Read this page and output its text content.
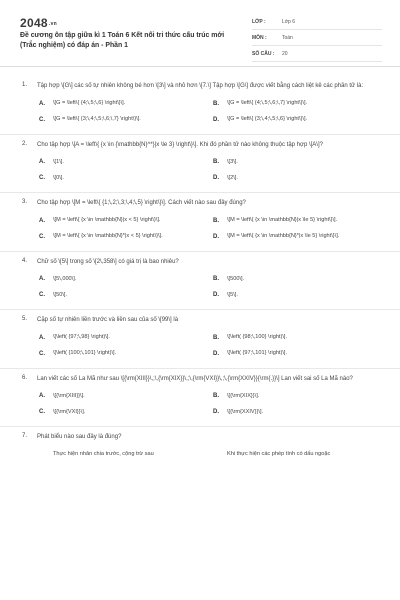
2048.vn
Đề cương ôn tập giữa kì 1 Toán 6 Kết nối tri thức cấu trúc mới (Trắc nghiệm) có đáp án - Phần 1
LỚP :	Lớp 6
MÔN :	Toán
SỐ CÂU :	20
1. Tập hợp \[G\] các số tự nhiên không bé hơn \[3\] và nhỏ hơn \[7.\] Tập hợp \[G\] được viết bằng cách liệt kê các phần tử là:
A.	\[G = \left\{ {4;\,5;\,6} \right\}\].	B.	\[G = \left\{ {4;\,5;\,6;\,7} \right\}\].
C.	\[G = \left\{ {3;\,4;\,5;\,6;\,7} \right\}\].	D.	\[G = \left\{ {3;\,4;\,5;\,6} \right\}\].
2. Cho tập hợp \[A = \left\{ {x \in {\mathbb{N}^*}|x \le 3} \right\}\]. Khi đó phần tử nào không thuộc tập hợp \[A\]?
A.	\[1\].	B.	\[3\].
C.	\[0\].	D.	\[2\].
3. Cho tập hợp \[M = \left\{ {1;\,2;\,3;\,4;\,5} \right\}\]. Cách viết nào sau đây đúng?
A.	\[M = \left\{ {x \in \mathbb{N}|x < 5} \right\}\].	B.	\[M = \left\{ {x \in \mathbb{N}|x \le 5} \right\}\].
C.	\[M = \left\{ {x \in \mathbb{N}*|x < 5} \right\}\].	D.	\[M = \left\{ {x \in \mathbb{N}*|x \le 5} \right\}\].
4. Chữ số \[5\] trong số \[2\,358\] có giá trị là bao nhiêu?
A.	\[5\,000\].	B.	\[500\].
C.	\[50\].	D.	\[5\].
5. Cặp số tự nhiên liền trước và liền sau của số \[99\] là
A.	\[\left( {97;\,98} \right)\].	B.	\[\left( {98;\,100} \right)\].
C.	\[\left( {100;\,101} \right)\].	D.	\[\left( {97;\,101} \right)\].
6. Lan viết các số La Mã như sau \[{\rm{XIII}}\,;\,{\rm{XIX}}\,;\,{\rm{VXI}}\,;\,{\rm{XXIV}}{\rm{.}}\] Lan viết sai số La Mã nào?
A.	\[{\rm{XIII}}\].	B.	\[{\rm{XIX}}\].
C.	\[{\rm{VXI}}\].	D.	\[{\rm{XXIV}}\].
7. Phát biểu nào sau đây là đúng?
Thực hiện nhân chia trước, cộng trừ sau	Khi thực hiện các phép tính có dấu ngoặc
